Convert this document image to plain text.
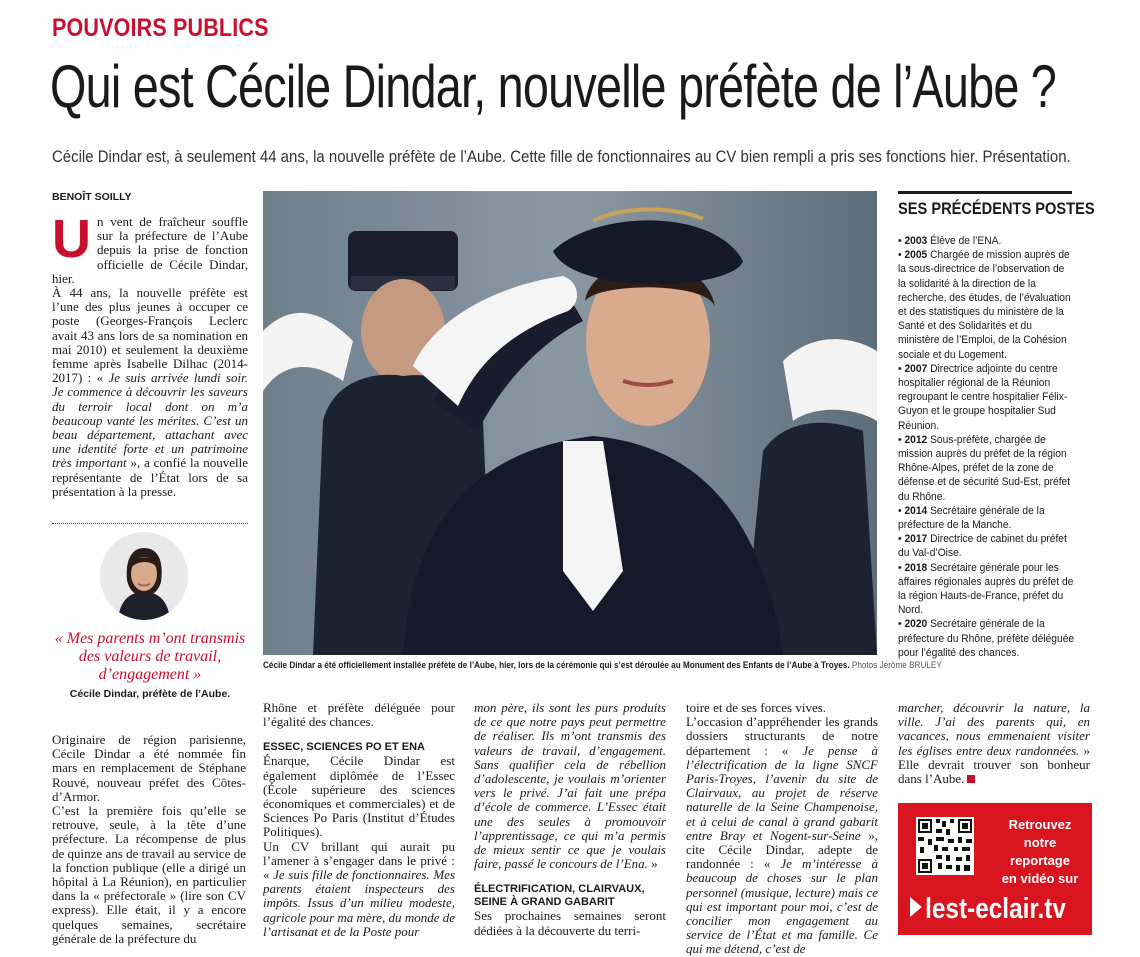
POUVOIRS PUBLICS
Qui est Cécile Dindar, nouvelle préfète de l’Aube ?
Cécile Dindar est, à seulement 44 ans, la nouvelle préfète de l’Aube. Cette fille de fonctionnaires au CV bien rempli a pris ses fonctions hier. Présentation.
BENOÎT SOILLY

Un vent de fraîcheur souffle sur la préfecture de l’Aube depuis la prise de fonction officielle de Cécile Dindar, hier.

À 44 ans, la nouvelle préfète est l’une des plus jeunes à occuper ce poste (Georges-François Leclerc avait 43 ans lors de sa nomination en mai 2010) et seulement la deuxième femme après Isabelle Dilhac (2014-2017) : « Je suis arrivée lundi soir. Je commence à découvrir les saveurs du terroir local dont on m’a beaucoup vanté les mérites. C’est un beau département, attachant avec une identité forte et un patrimoine très important », a confié la nouvelle représentante de l’État lors de sa présentation à la presse.

« Mes parents m’ont transmis des valeurs de travail, d’engagement »
Cécile Dindar, préfète de l’Aube.
Cécile Dindar a été officiellement installée préfète de l’Aube, hier, lors de la cérémonie qui s’est déroulée au Monument des Enfants de l’Aube à Troyes. Photos Jérôme BRULEY
SES PRÉCÉDENTS POSTES
• 2003 Élève de l’ENA.
• 2005 Chargée de mission auprès de la sous-directrice de l’observation de la solidarité à la direction de la recherche, des études, de l’évaluation et des statistiques du ministère de la Santé et des Solidarités et du ministère de l’Emploi, de la Cohésion sociale et du Logement.
• 2007 Directrice adjointe du centre hospitalier régional de la Réunion regroupant le centre hospitalier Félix-Guyon et le groupe hospitalier Sud Réunion.
• 2012 Sous-préfète, chargée de mission auprès du préfet de la région Rhône-Alpes, préfet de la zone de défense et de sécurité Sud-Est, préfet du Rhône.
• 2014 Secrétaire générale de la préfecture de la Manche.
• 2017 Directrice de cabinet du préfet du Val-d’Oise.
• 2018 Secrétaire générale pour les affaires régionales auprès du préfet de la région Hauts-de-France, préfet du Nord.
• 2020 Secrétaire générale de la préfecture du Rhône, préfète déléguée pour l’égalité des chances.

Originaire de région parisienne, Cécile Dindar a été nommée fin mars en remplacement de Stéphane Rouvé, nouveau préfet des Côtes-d’Armor.

C’est la première fois qu’elle se retrouve, seule, à la tête d’une préfecture. La récompense de plus de quinze ans de travail au service de la fonction publique (elle a dirigé un hôpital à La Réunion), en particulier dans la « préfectorale » (lire son CV express). Elle était, il y a encore quelques semaines, secrétaire générale de la préfecture du

Rhône et préfète déléguée pour l’égalité des chances.

ESSEC, SCIENCES PO ET ENA

Énarque, Cécile Dindar est également diplômée de l’Essec (École supérieure des sciences économiques et commerciales) et de Sciences Po Paris (Institut d’Études Politiques).

Un CV brillant qui aurait pu l’amener à s’engager dans le privé : « Je suis fille de fonctionnaires. Mes parents étaient inspecteurs des impôts. Issus d’un milieu modeste, agricole pour ma mère, du monde de l’artisanat et de la Poste pour

mon père, ils sont les purs produits de ce que notre pays peut permettre de réaliser. Ils m’ont transmis des valeurs de travail, d’engagement. Sans qualifier cela de rébellion d’adolescente, je voulais m’orienter vers le privé. J’ai fait une prépa d’école de commerce. L’Essec était une des seules à promouvoir l’apprentissage, ce qui m’a permis de mieux sentir ce que je voulais faire, passé le concours de l’Ena. »

ÉLECTRIFICATION, CLAIRVAUX, SEINE À GRAND GABARIT

Ses prochaines semaines seront dédiées à la découverte du terri-

toire et de ses forces vives.

L’occasion d’appréhender les grands dossiers structurants de notre département : « Je pense à l’électrification de la ligne SNCF Paris-Troyes, l’avenir du site de Clairvaux, au projet de réserve naturelle de la Seine Champenoise, et à celui de canal à grand gabarit entre Bray et Nogent-sur-Seine », cite Cécile Dindar, adepte de randonnée : « Je m’intéresse à beaucoup de choses sur le plan personnel (musique, lecture) mais ce qui est important pour moi, c’est de concilier mon engagement au service de l’État et ma famille. Ce qui me détend, c’est de

marcher, découvrir la nature, la ville. J’ai des parents qui, en vacances, nous emmenaient visiter les églises entre deux randonnées. » Elle devrait trouver son bonheur dans l’Aube.

Retrouvez
notre
reportage
en vidéo sur
lest-eclair.tv
